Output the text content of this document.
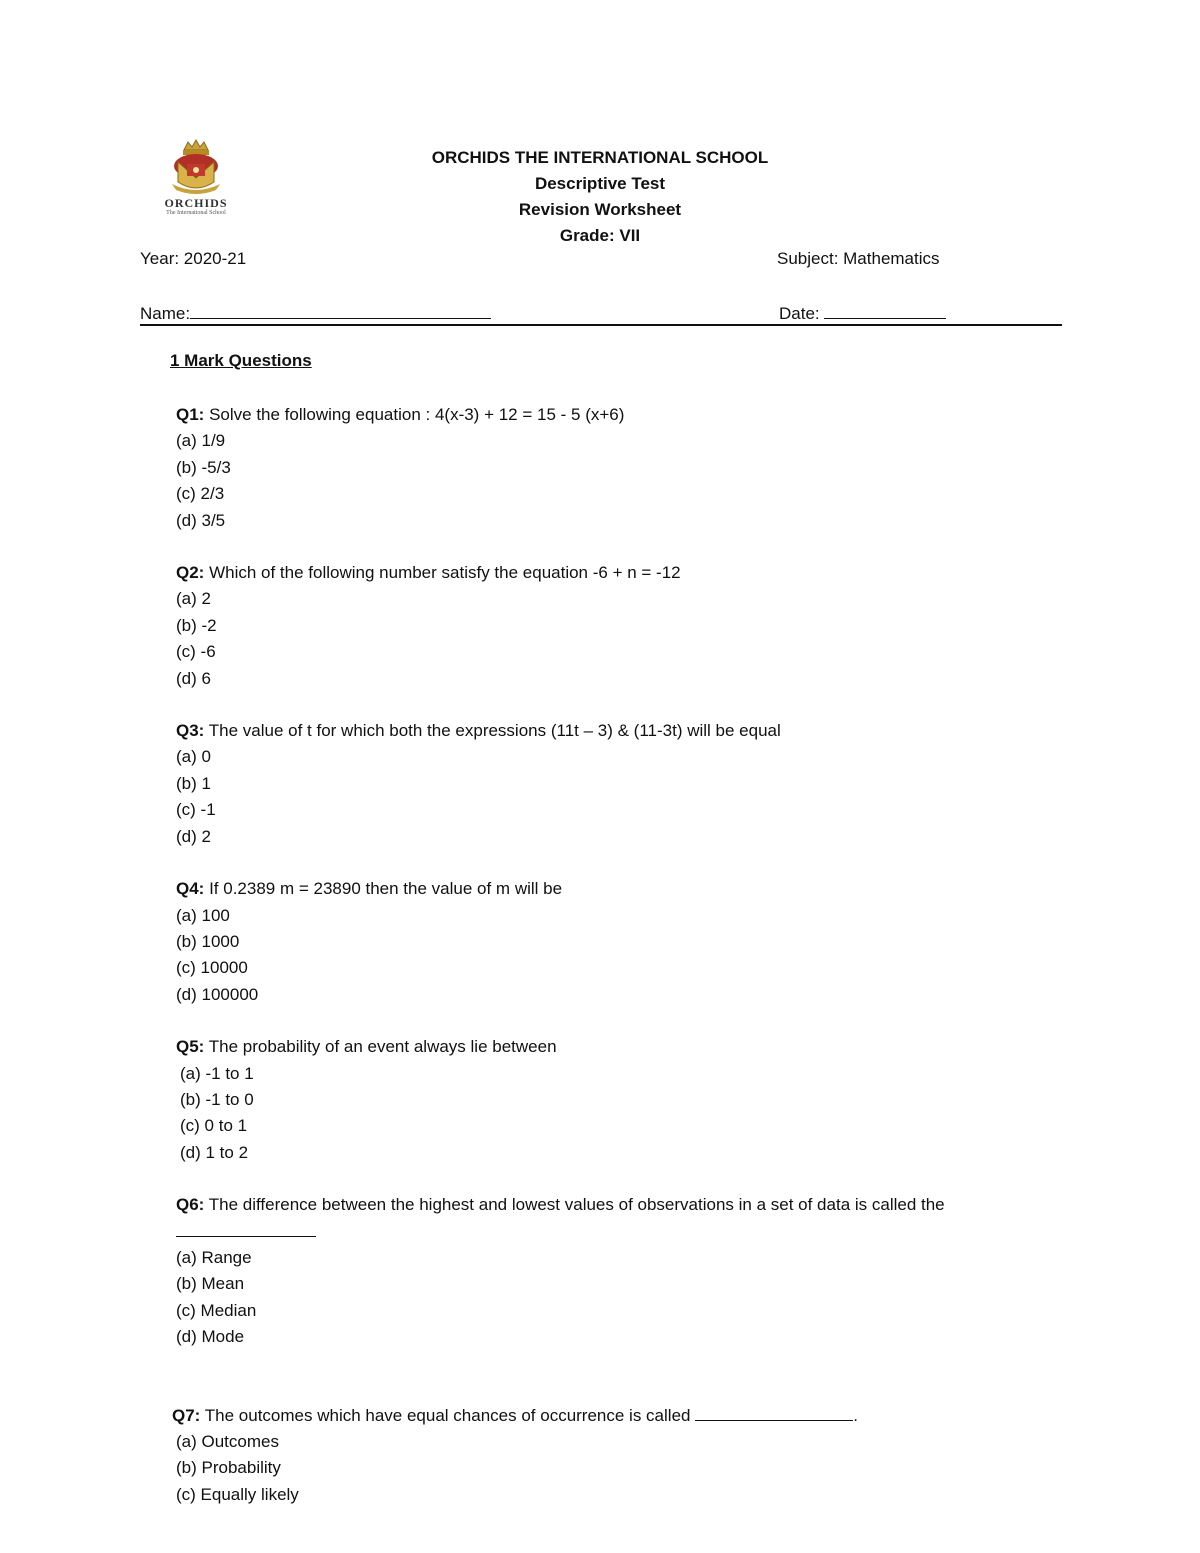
ORCHIDS
The International School
ORCHIDS THE INTERNATIONAL SCHOOL
Descriptive Test
Revision Worksheet
Grade: VII
Year: 2020-21	Subject: Mathematics
Name:	Date:
1 Mark Questions
Q1: Solve the following equation : 4(x-3) + 12 = 15 - 5 (x+6)
(a) 1/9
(b) -5/3
(c) 2/3
(d) 3/5
Q2: Which of the following number satisfy the equation -6 + n = -12
(a) 2
(b) -2
(c) -6
(d) 6
Q3: The value of t for which both the expressions (11t – 3) & (11-3t) will be equal
(a) 0
(b) 1
(c) -1
(d) 2
Q4: If 0.2389 m = 23890 then the value of m will be
(a) 100
(b) 1000
(c) 10000
(d) 100000
Q5: The probability of an event always lie between
(a) -1 to 1
(b) -1 to 0
(c) 0 to 1
(d) 1 to 2
Q6: The difference between the highest and lowest values of observations in a set of data is called the
(a) Range
(b) Mean
(c) Median
(d) Mode
Q7: The outcomes which have equal chances of occurrence is called	.
(a) Outcomes
(b) Probability
(c) Equally likely
